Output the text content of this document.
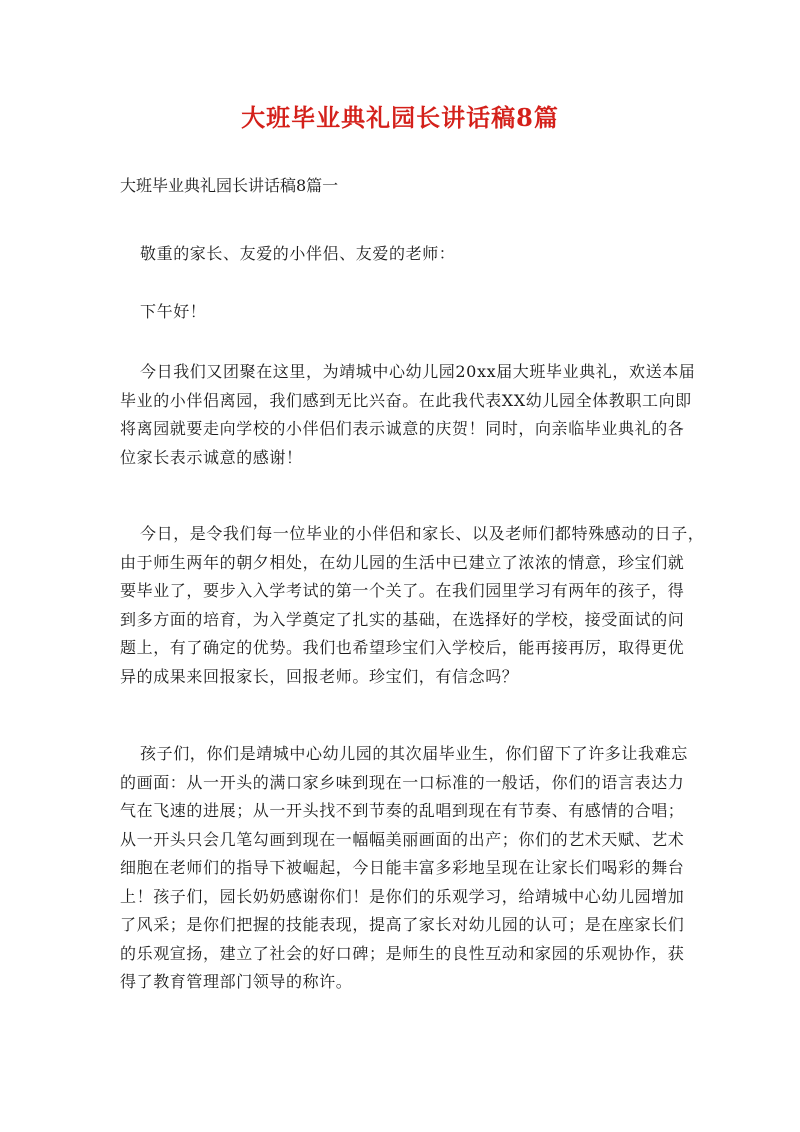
大班毕业典礼园长讲话稿8篇
大班毕业典礼园长讲话稿8篇一
敬重的家长、友爱的小伴侣、友爱的老师：
下午好！
今日我们又团聚在这里，为靖城中心幼儿园20xx届大班毕业典礼，欢送本届
毕业的小伴侣离园，我们感到无比兴奋。在此我代表XX幼儿园全体教职工向即
将离园就要走向学校的小伴侣们表示诚意的庆贺！同时，向亲临毕业典礼的各
位家长表示诚意的感谢！
今日，是令我们每一位毕业的小伴侣和家长、以及老师们都特殊感动的日子，
由于师生两年的朝夕相处，在幼儿园的生活中已建立了浓浓的情意，珍宝们就
要毕业了，要步入入学考试的第一个关了。在我们园里学习有两年的孩子，得
到多方面的培育，为入学奠定了扎实的基础，在选择好的学校，接受面试的问
题上，有了确定的优势。我们也希望珍宝们入学校后，能再接再厉，取得更优
异的成果来回报家长，回报老师。珍宝们，有信念吗？
孩子们，你们是靖城中心幼儿园的其次届毕业生，你们留下了许多让我难忘
的画面：从一开头的满口家乡味到现在一口标准的一般话，你们的语言表达力
气在飞速的进展；从一开头找不到节奏的乱唱到现在有节奏、有感情的合唱；
从一开头只会几笔勾画到现在一幅幅美丽画面的出产；你们的艺术天赋、艺术
细胞在老师们的指导下被崛起，今日能丰富多彩地呈现在让家长们喝彩的舞台
上！孩子们，园长奶奶感谢你们！是你们的乐观学习，给靖城中心幼儿园增加
了风采；是你们把握的技能表现，提高了家长对幼儿园的认可；是在座家长们
的乐观宣扬，建立了社会的好口碑；是师生的良性互动和家园的乐观协作，获
得了教育管理部门领导的称许。
